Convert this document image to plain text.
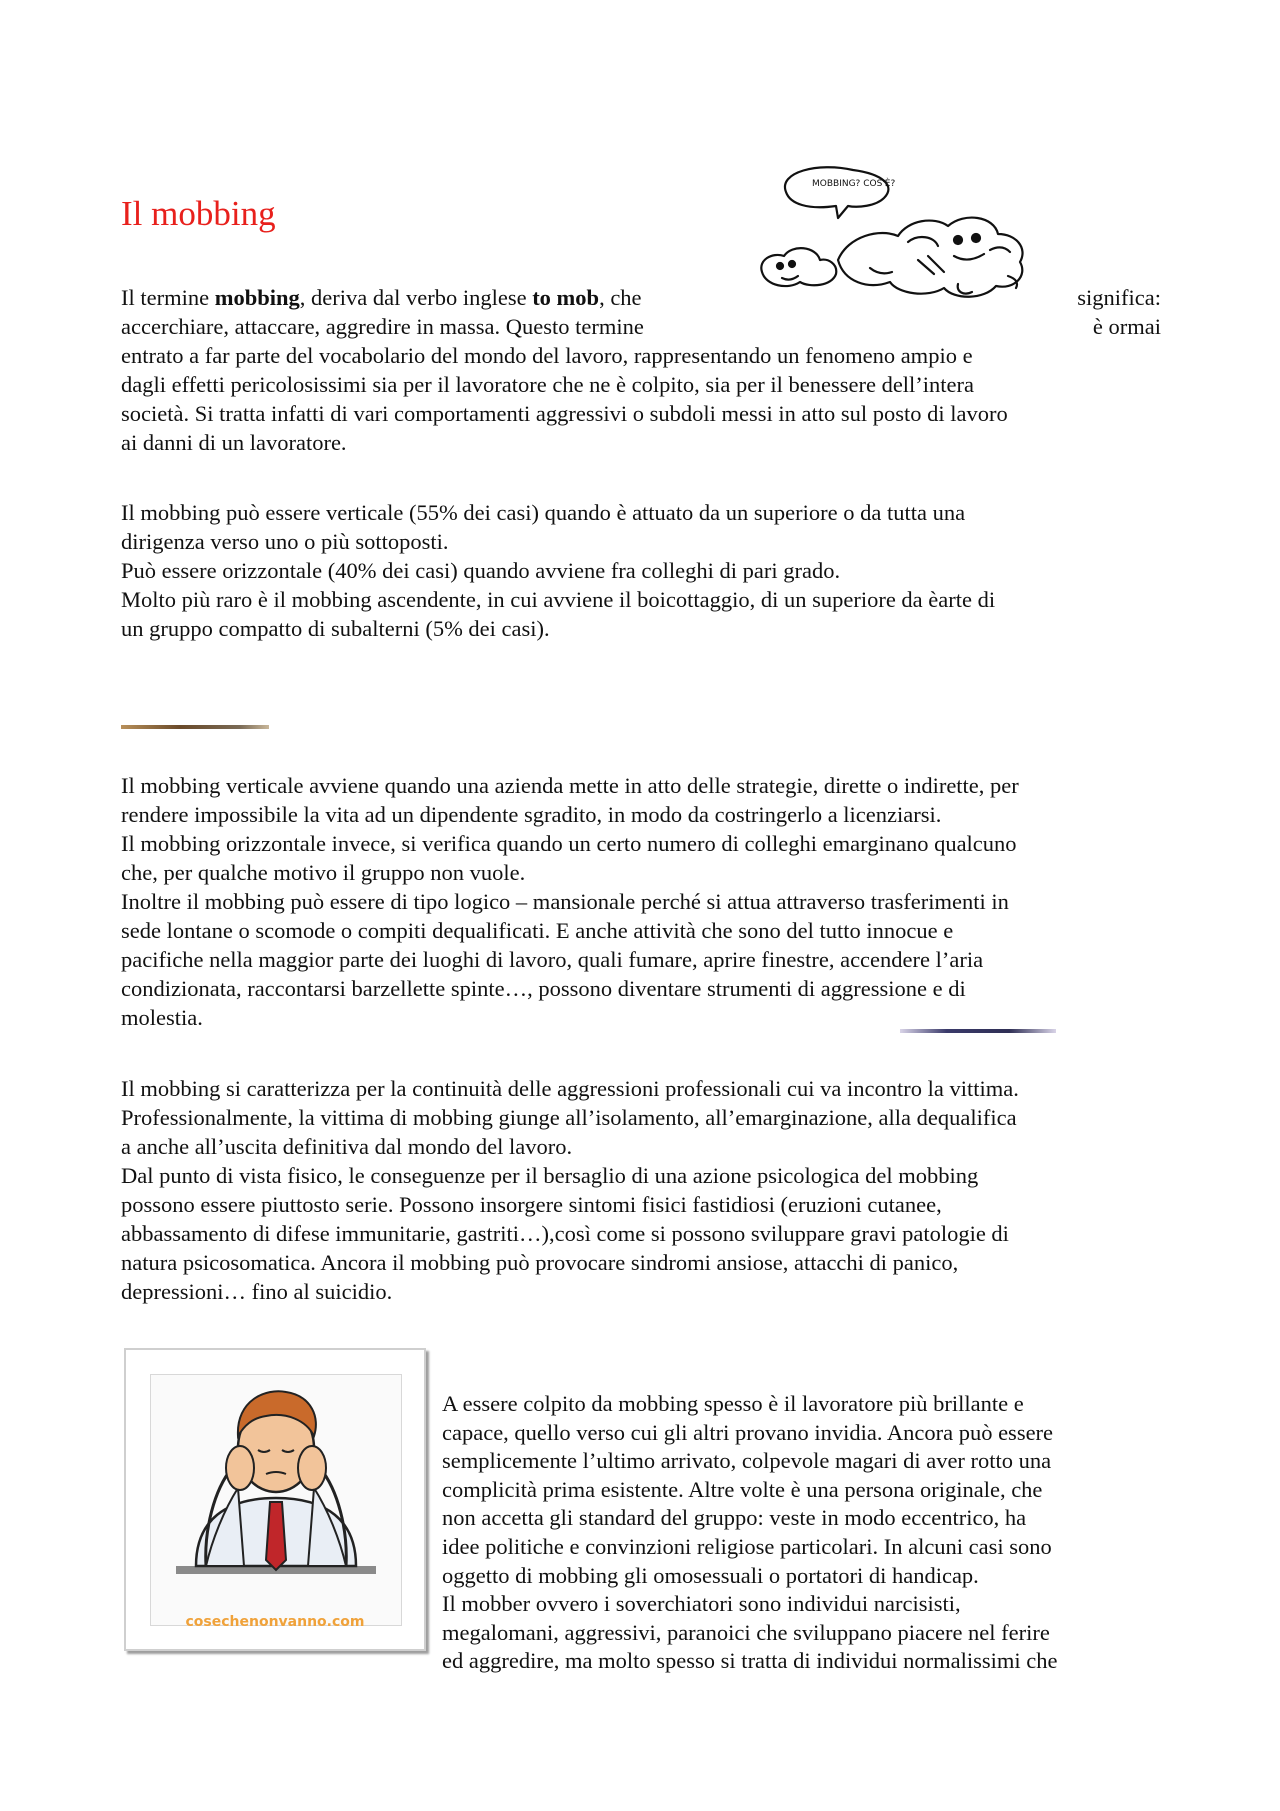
Il mobbing
MOBBING? COS'È?
Il termine mobbing, deriva dal verbo inglese to mob, che	significa:
accerchiare, attaccare, aggredire in massa. Questo termine	è ormai
entrato a far parte del vocabolario del mondo del lavoro, rappresentando un fenomeno ampio e
dagli effetti pericolosissimi sia per il lavoratore che ne è colpito, sia per il benessere dell’intera
società. Si tratta infatti di vari comportamenti aggressivi o subdoli messi in atto sul posto di lavoro
ai danni di un lavoratore.
Il mobbing può essere verticale (55% dei casi) quando è attuato da un superiore o da tutta una
dirigenza verso uno o più sottoposti.
Può essere orizzontale (40% dei casi) quando avviene fra colleghi di pari grado.
Molto più raro è il mobbing ascendente, in cui avviene il boicottaggio, di un superiore da èarte di
un gruppo compatto di subalterni (5% dei casi).
Il mobbing verticale avviene quando una azienda mette in atto delle strategie, dirette o indirette, per
rendere impossibile la vita ad un dipendente sgradito, in modo da costringerlo a licenziarsi.
Il mobbing orizzontale invece, si verifica quando un certo numero di colleghi emarginano qualcuno
che, per qualche motivo il gruppo non vuole.
Inoltre il mobbing può essere di tipo logico – mansionale perché si attua attraverso trasferimenti in
sede lontane o scomode o compiti dequalificati. E anche attività che sono del tutto innocue e
pacifiche nella maggior parte dei luoghi di lavoro, quali fumare, aprire finestre, accendere l’aria
condizionata, raccontarsi barzellette spinte…, possono diventare strumenti di aggressione e di
molestia.
Il mobbing si caratterizza per la continuità delle aggressioni professionali cui va incontro la vittima.
Professionalmente, la vittima di mobbing giunge all’isolamento, all’emarginazione, alla dequalifica
a anche all’uscita definitiva dal mondo del lavoro.
Dal punto di vista fisico, le conseguenze per il bersaglio di una azione psicologica del mobbing
possono essere piuttosto serie. Possono insorgere sintomi fisici fastidiosi (eruzioni cutanee,
abbassamento di difese immunitarie, gastriti…),così come si possono sviluppare gravi patologie di
natura psicosomatica. Ancora il mobbing può provocare sindromi ansiose, attacchi di panico,
depressioni… fino al suicidio.
cosechenonvanno.com
A essere colpito da mobbing spesso è il lavoratore più brillante e
capace, quello verso cui gli altri provano invidia. Ancora può essere
semplicemente l’ultimo arrivato, colpevole magari di aver rotto una
complicità prima esistente. Altre volte è una persona originale, che
non accetta gli standard del gruppo: veste in modo eccentrico, ha
idee politiche e convinzioni religiose particolari. In alcuni casi sono
oggetto di mobbing gli omosessuali o portatori di handicap.
Il mobber ovvero i soverchiatori sono individui narcisisti,
megalomani, aggressivi, paranoici che sviluppano piacere nel ferire
ed aggredire, ma molto spesso si tratta di individui normalissimi che
